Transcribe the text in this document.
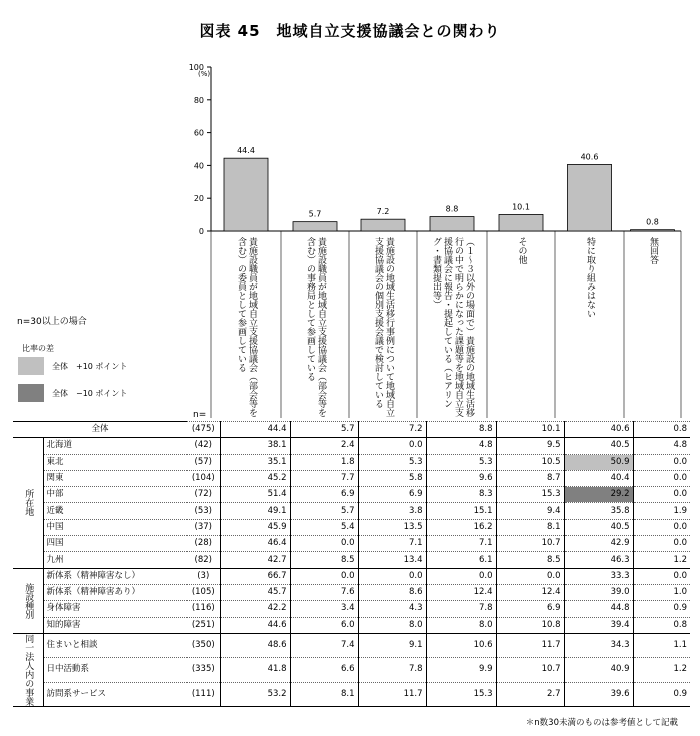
図表 45　地域自立支援協議会との関わり
0
20
40
60
80
100
(%)
44.4
貴施設職員が地域自立支援協議会（部会等を含む）の委員として参画している
5.7
貴施設職員が地域自立支援協議会（部会等を含む）の事務局として参画している
7.2
貴施設の地域生活移行事例について地域自立支援協議会の個別支援会議で検討している
8.8
（１～３以外の場面で）貴施設の地域生活移行の中で明らかになった課題等を地域自立支援協議会に報告・提起している（ヒアリング・書類提出等）
10.1
その他
40.6
特に取り組みはない
0.8
無回答
n=30以上の場合
比率の差
全体　+10 ポイント
全体　−10 ポイント
n=
全体		(475)	44.4	5.7	7.2	8.8	10.1	40.6	0.8

所在地	北海道	(42)	38.1	2.4	0.0	4.8	9.5	40.5	4.8
	東北	(57)	35.1	1.8	5.3	5.3	10.5	50.9	0.0
	関東	(104)	45.2	7.7	5.8	9.6	8.7	40.4	0.0
	中部	(72)	51.4	6.9	6.9	8.3	15.3	29.2	0.0
	近畿	(53)	49.1	5.7	3.8	15.1	9.4	35.8	1.9
	中国	(37)	45.9	5.4	13.5	16.2	8.1	40.5	0.0
	四国	(28)	46.4	0.0	7.1	7.1	10.7	42.9	0.0
	九州	(82)	42.7	8.5	13.4	6.1	8.5	46.3	1.2

施設種別	新体系（精神障害なし）	(3)	66.7	0.0	0.0	0.0	0.0	33.3	0.0
	新体系（精神障害あり）	(105)	45.7	7.6	8.6	12.4	12.4	39.0	1.0
	身体障害	(116)	42.2	3.4	4.3	7.8	6.9	44.8	0.9
	知的障害	(251)	44.6	6.0	8.0	8.0	10.8	39.4	0.8

同一法人内の事業	住まいと相談	(350)	48.6	7.4	9.1	10.6	11.7	34.3	1.1
	日中活動系	(335)	41.8	6.6	7.8	9.9	10.7	40.9	1.2
	訪問系サービス	(111)	53.2	8.1	11.7	15.3	2.7	39.6	0.9
＊n数30未満のものは参考値として記載
